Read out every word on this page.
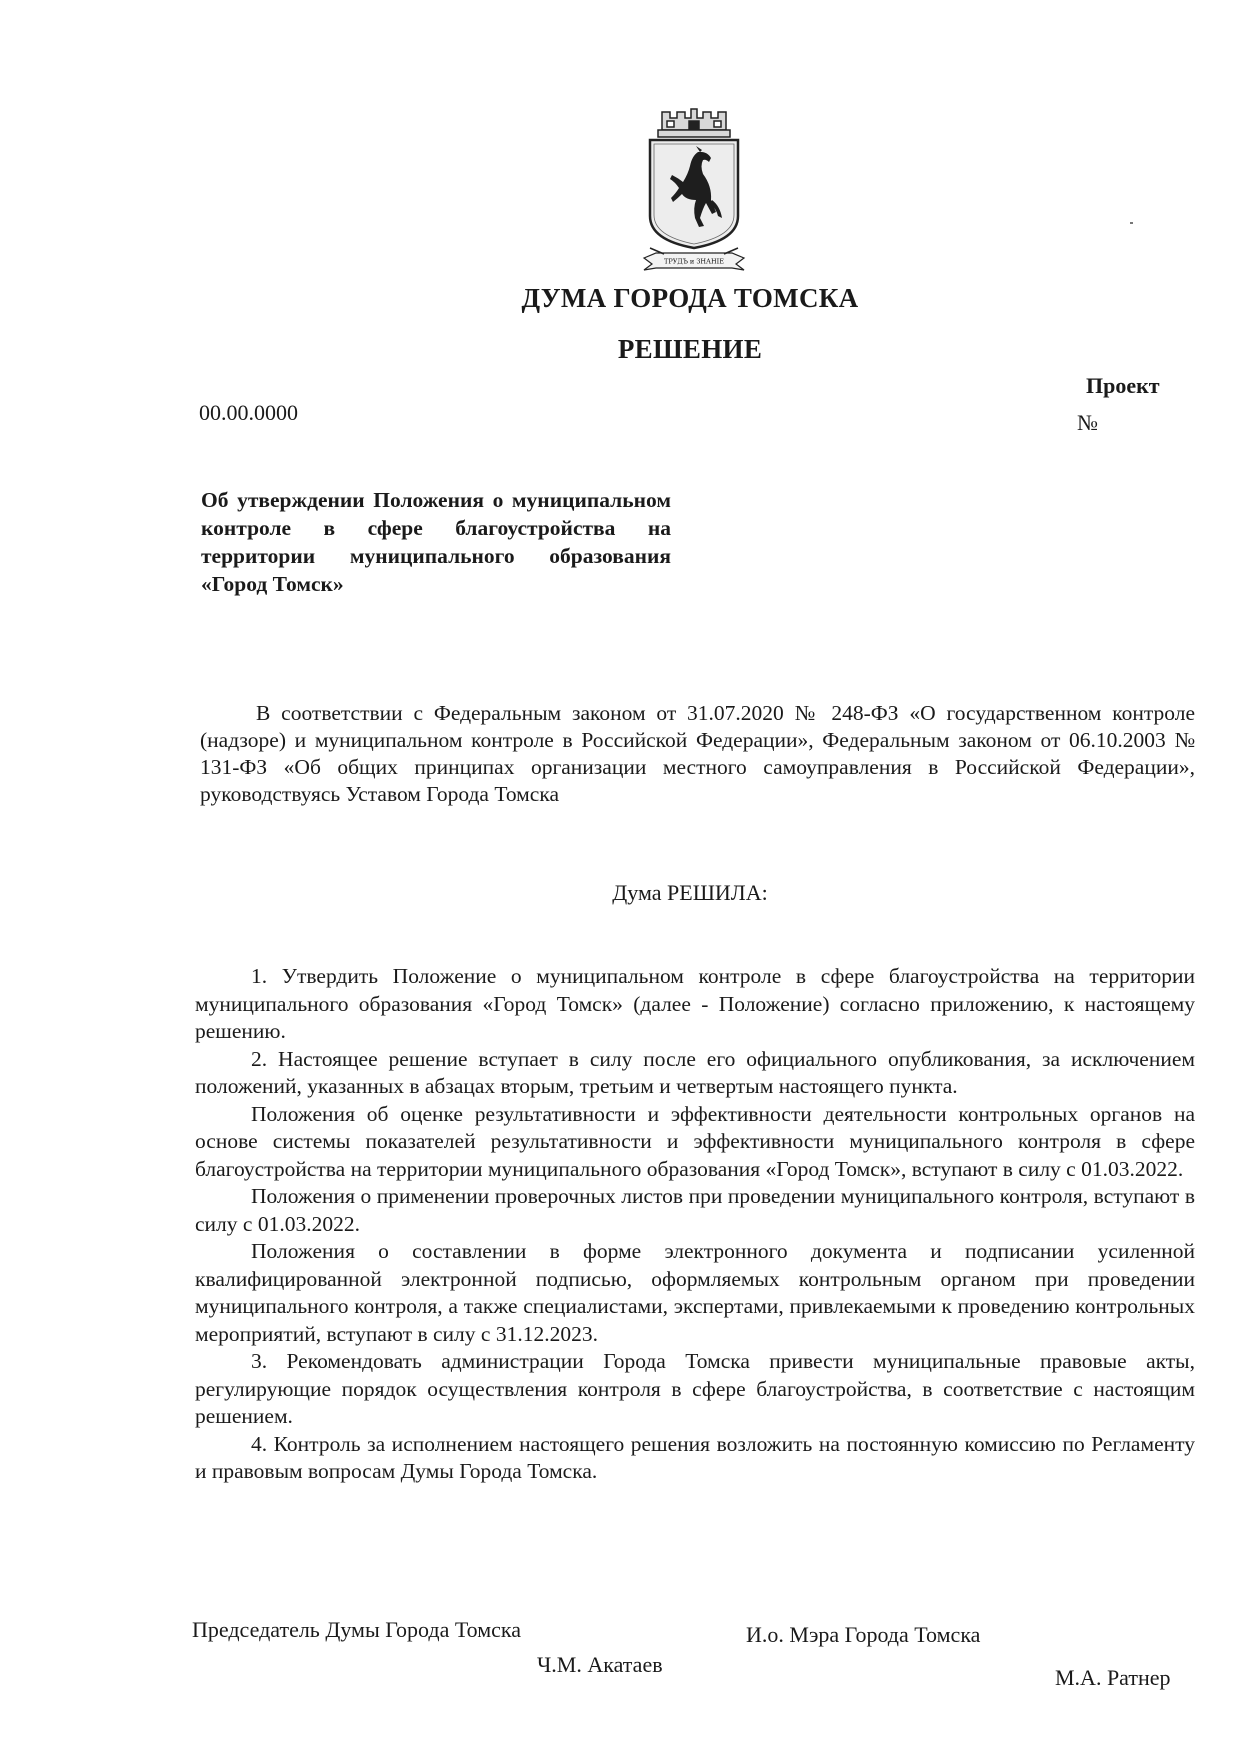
ТРУДЪ и ЗНАНІЕ
ДУМА ГОРОДА ТОМСКА
РЕШЕНИЕ
00.00.0000
Проект
№
Об утверждении Положения о муниципальном контроле в сфере благоустройства на территории муниципального образования «Город Томск»
В соответствии с Федеральным законом от 31.07.2020 № 248-ФЗ «О государственном контроле (надзоре) и муниципальном контроле в Российской Федерации», Федеральным законом от 06.10.2003 № 131-ФЗ «Об общих принципах организации местного самоуправления в Российской Федерации», руководствуясь Уставом Города Томска
Дума РЕШИЛА:

1. Утвердить Положение о муниципальном контроле в сфере благоустройства на территории муниципального образования «Город Томск» (далее - Положение) согласно приложению, к настоящему решению.

2. Настоящее решение вступает в силу после его официального опубликования, за исключением положений, указанных в абзацах вторым, третьим и четвертым настоящего пункта.

Положения об оценке результативности и эффективности деятельности контрольных органов на основе системы показателей результативности и эффективности муниципального контроля в сфере благоустройства на территории муниципального образования «Город Томск», вступают в силу с 01.03.2022.

Положения о применении проверочных листов при проведении муниципального контроля, вступают в силу с 01.03.2022.

Положения о составлении в форме электронного документа и подписании усиленной квалифицированной электронной подписью, оформляемых контрольным органом при проведении муниципального контроля, а также специалистами, экспертами, привлекаемыми к проведению контрольных мероприятий, вступают в силу с 31.12.2023.

3. Рекомендовать администрации Города Томска привести муниципальные правовые акты, регулирующие порядок осуществления контроля в сфере благоустройства, в соответствие с настоящим решением.

4. Контроль за исполнением настоящего решения возложить на постоянную комиссию по Регламенту и правовым вопросам Думы Города Томска.

Председатель Думы Города Томска
Ч.М. Акатаев
И.о. Мэра Города Томска
М.А. Ратнер
